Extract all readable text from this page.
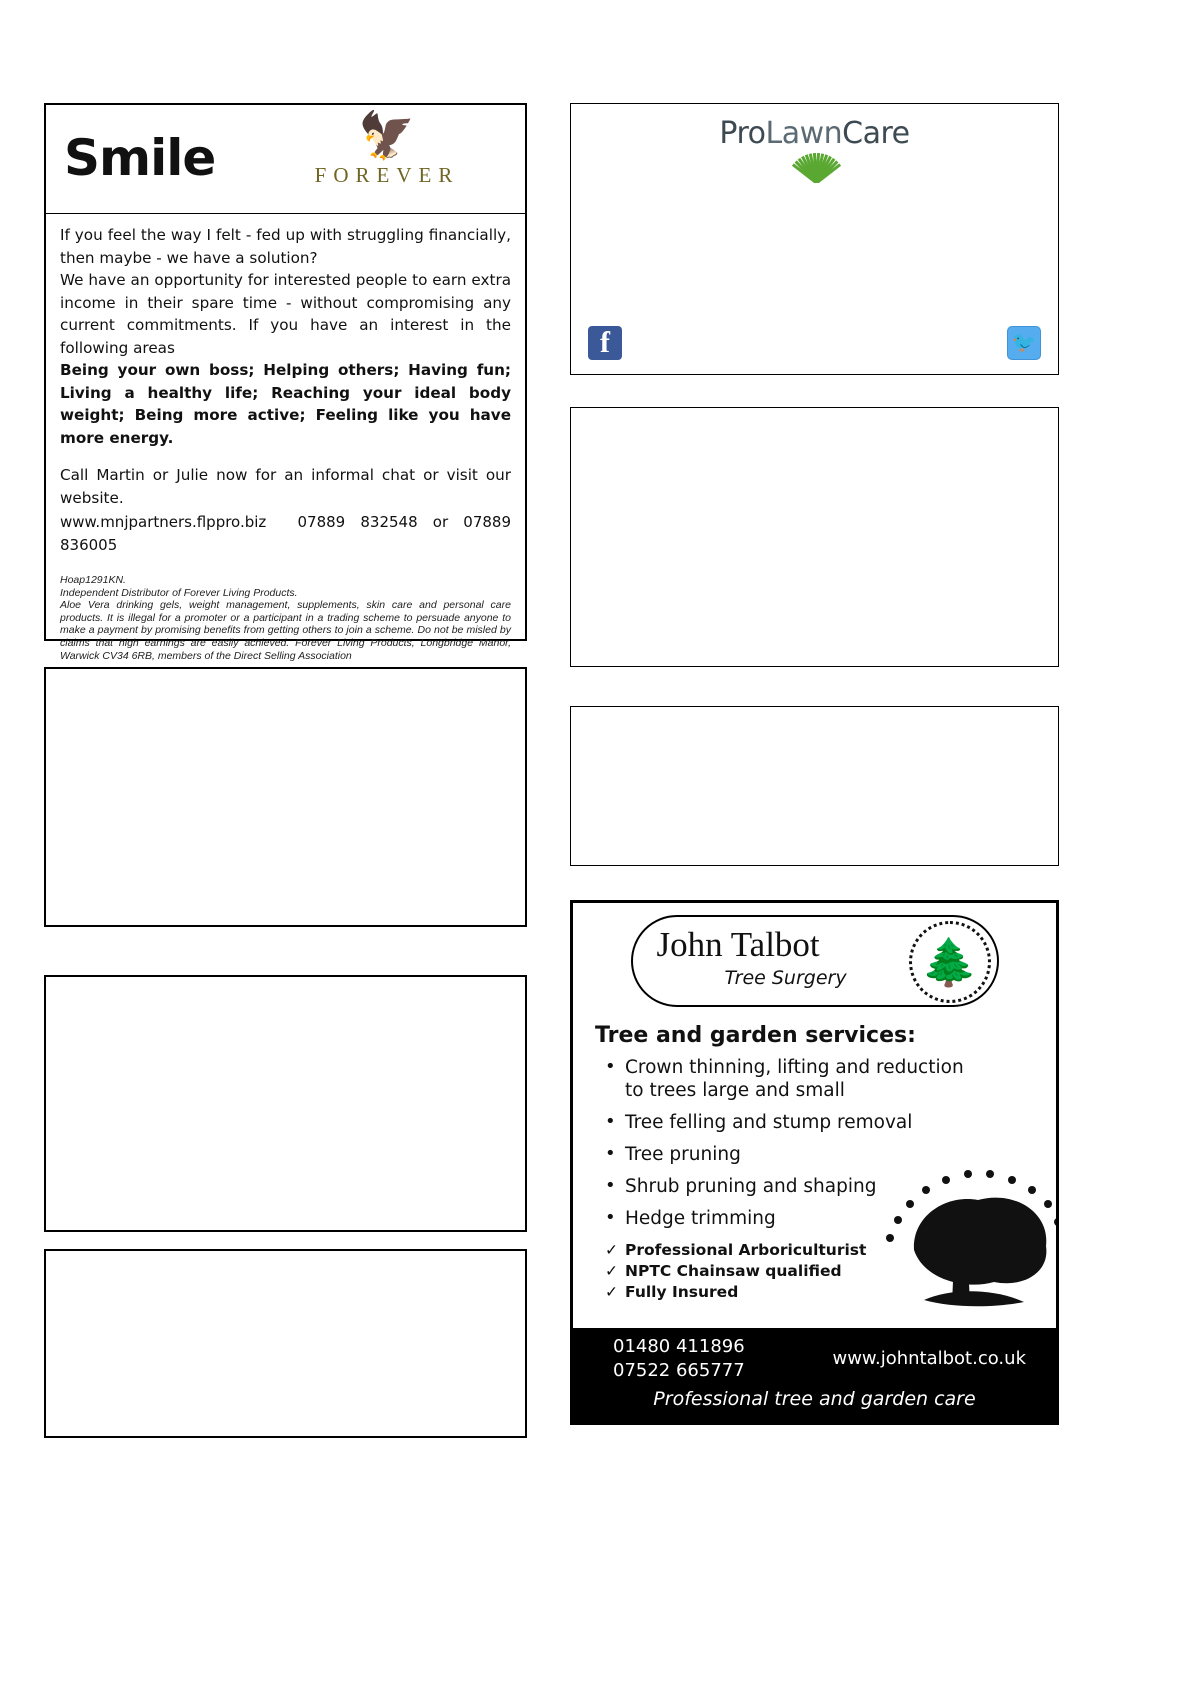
Smile	🦅
FOREVER

If you feel the way I felt - fed up with struggling financially, then maybe - we have a solution?

We have an opportunity for interested people to earn extra income in their spare time - without compromising any current commitments. If you have an interest in the following areas

Being your own boss; Helping others; Having fun; Living a healthy life; Reaching your ideal body weight; Being more active; Feeling like you have more energy.

Call Martin or Julie now for an informal chat or visit our website.

www.mnjpartners.flppro.biz 07889 832548 or 07889 836005
Hoap1291KN.
Independent Distributor of Forever Living Products.
Aloe Vera drinking gels, weight management, supplements, skin care and personal care products. It is illegal for a promoter or a participant in a trading scheme to persuade anyone to make a payment by promising benefits from getting others to join a scheme. Do not be misled by claims that high earnings are easily achieved. Forever Living Products, Longbridge Manor, Warwick CV34 6RB, members of the Direct Selling Association
ProLawnCare
f	🐦
John Talbot
Tree Surgery 🌲
Tree and garden services:
• Crown thinning, lifting and reduction to trees large and small
• Tree felling and stump removal
• Tree pruning
• Shrub pruning and shaping
• Hedge trimming
✓ Professional Arboriculturist
✓ NPTC Chainsaw qualified
✓ Fully Insured
01480 411896
07522 665777
www.johntalbot.co.uk
Professional tree and garden care
